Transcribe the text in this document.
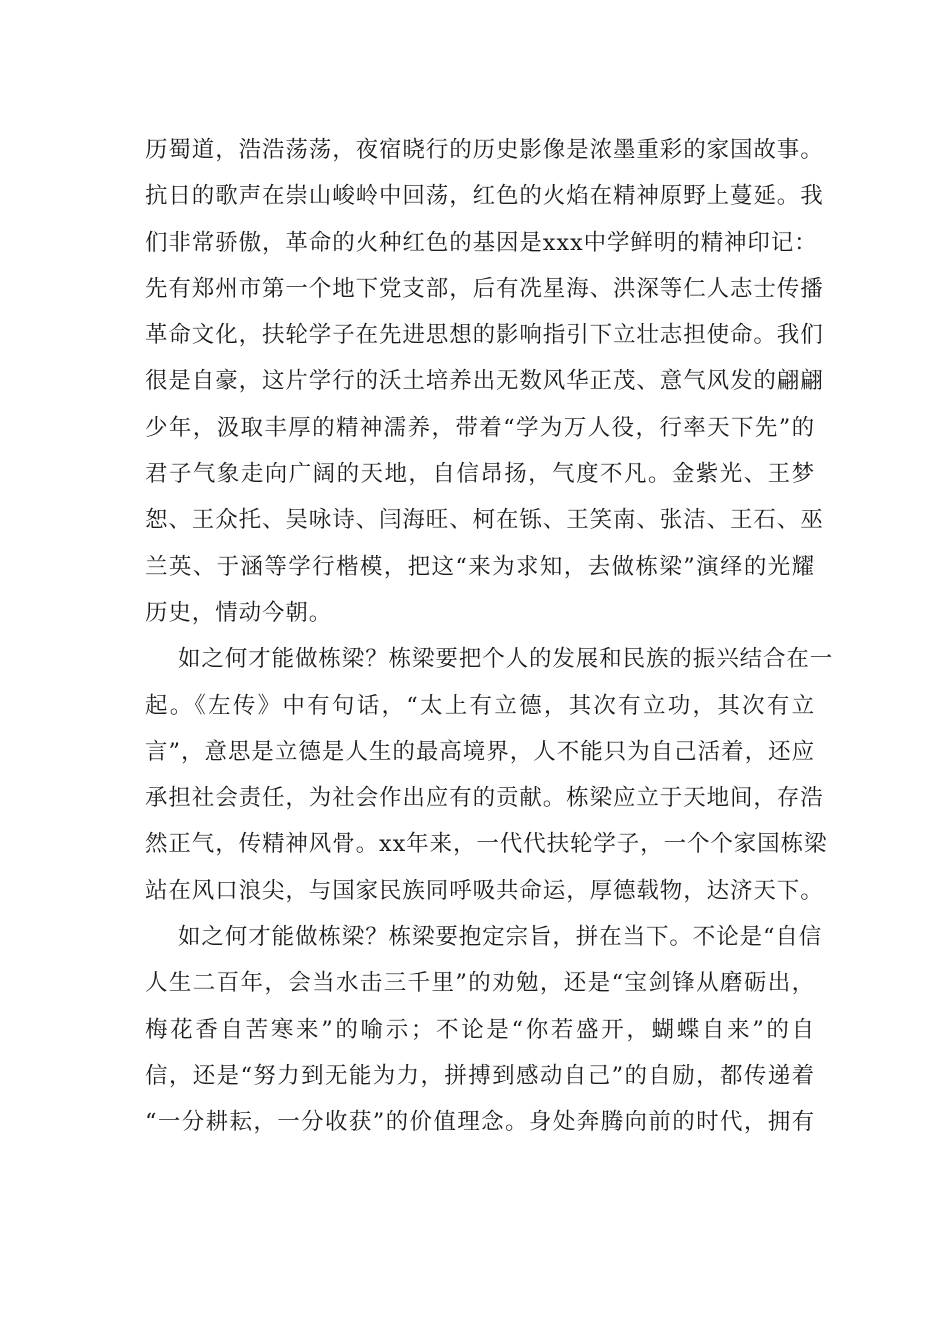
历蜀道，浩浩荡荡，夜宿晓行的历史影像是浓墨重彩的家国故事。
抗日的歌声在崇山峻岭中回荡，红色的火焰在精神原野上蔓延。我
们非常骄傲，革命的火种红色的基因是xxx中学鲜明的精神印记：
先有郑州市第一个地下党支部，后有冼星海、洪深等仁人志士传播
革命文化，扶轮学子在先进思想的影响指引下立壮志担使命。我们
很是自豪，这片学行的沃土培养出无数风华正茂、意气风发的翩翩
少年，汲取丰厚的精神濡养，带着“学为万人役，行率天下先”的
君子气象走向广阔的天地，自信昂扬，气度不凡。金紫光、王梦
恕、王众托、吴咏诗、闫海旺、柯在铄、王笑南、张洁、王石、巫
兰英、于涵等学行楷模，把这“来为求知，去做栋梁”演绎的光耀
历史，情动今朝。
如之何才能做栋梁？栋梁要把个人的发展和民族的振兴结合在一
起。《左传》中有句话，“太上有立德，其次有立功，其次有立
言”，意思是立德是人生的最高境界，人不能只为自己活着，还应
承担社会责任，为社会作出应有的贡献。栋梁应立于天地间，存浩
然正气，传精神风骨。xx年来，一代代扶轮学子，一个个家国栋梁
站在风口浪尖，与国家民族同呼吸共命运，厚德载物，达济天下。
如之何才能做栋梁？栋梁要抱定宗旨，拼在当下。不论是“自信
人生二百年，会当水击三千里”的劝勉，还是“宝剑锋从磨砺出，
梅花香自苦寒来”的喻示；不论是“你若盛开，蝴蝶自来”的自
信，还是“努力到无能为力，拼搏到感动自己”的自励，都传递着
“一分耕耘，一分收获”的价值理念。身处奔腾向前的时代，拥有
